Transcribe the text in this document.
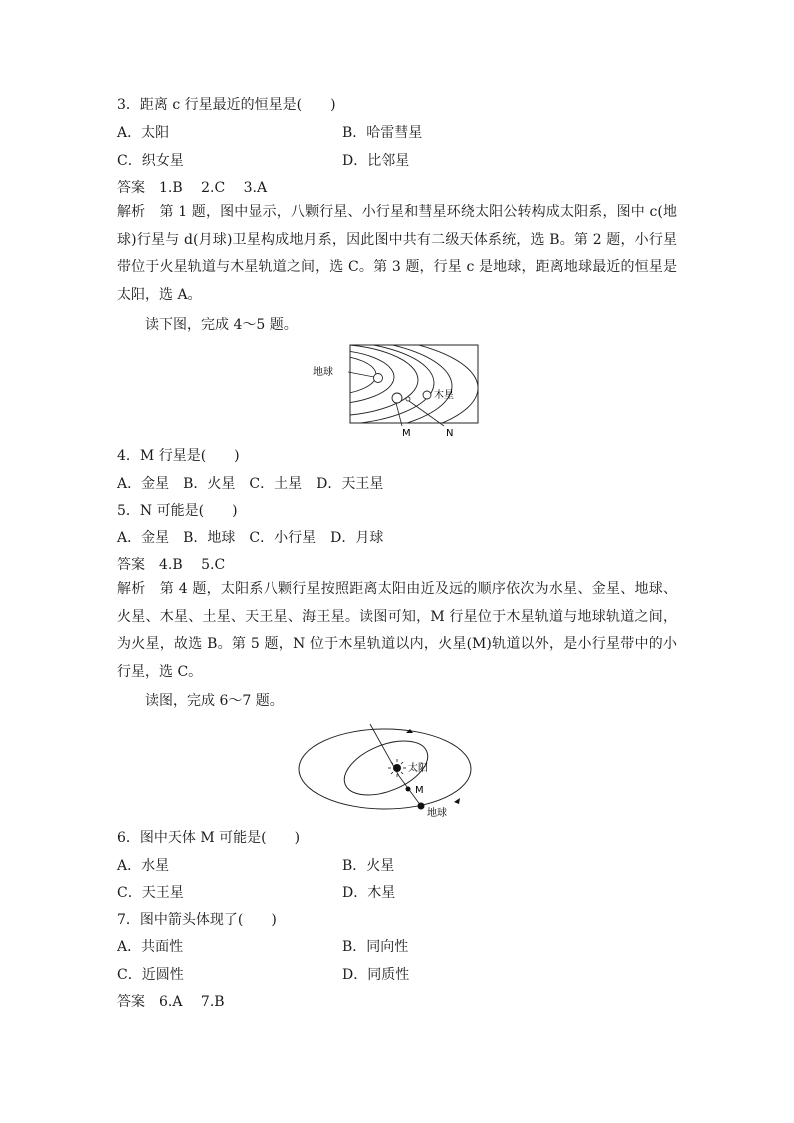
3．距离 c 行星最近的恒星是(　　)
A．太阳	B．哈雷彗星
C．织女星	D．比邻星
答案　 1.B　 2.C　 3.A
解析　 第 1 题，图中显示，八颗行星、小行星和彗星环绕太阳公转构成太阳系，图中 c(地球)行星与 d(月球)卫星构成地月系，因此图中共有二级天体系统，选 B。第 2 题，小行星带位于火星轨道与木星轨道之间，选 C。第 3 题，行星 c 是地球，距离地球最近的恒星是太阳，选 A。
读下图，完成 4～5 题。
地球
木星
M	N
4．M 行星是(　　)
A．金星　B．火星　C．土星　D．天王星
5．N 可能是(　　)
A．金星　B．地球　C．小行星　D．月球
答案　 4.B　 5.C
解析　 第 4 题，太阳系八颗行星按照距离太阳由近及远的顺序依次为水星、金星、地球、火星、木星、土星、天王星、海王星。读图可知，M 行星位于木星轨道与地球轨道之间，为火星，故选 B。第 5 题，N 位于木星轨道以内，火星(M)轨道以外，是小行星带中的小行星，选 C。
读图，完成 6～7 题。
太阳
M
地球
6．图中天体 M 可能是(　　)
A．水星	B．火星
C．天王星	D．木星
7．图中箭头体现了(　　)
A．共面性	B．同向性
C．近圆性	D．同质性
答案　 6.A　 7.B
